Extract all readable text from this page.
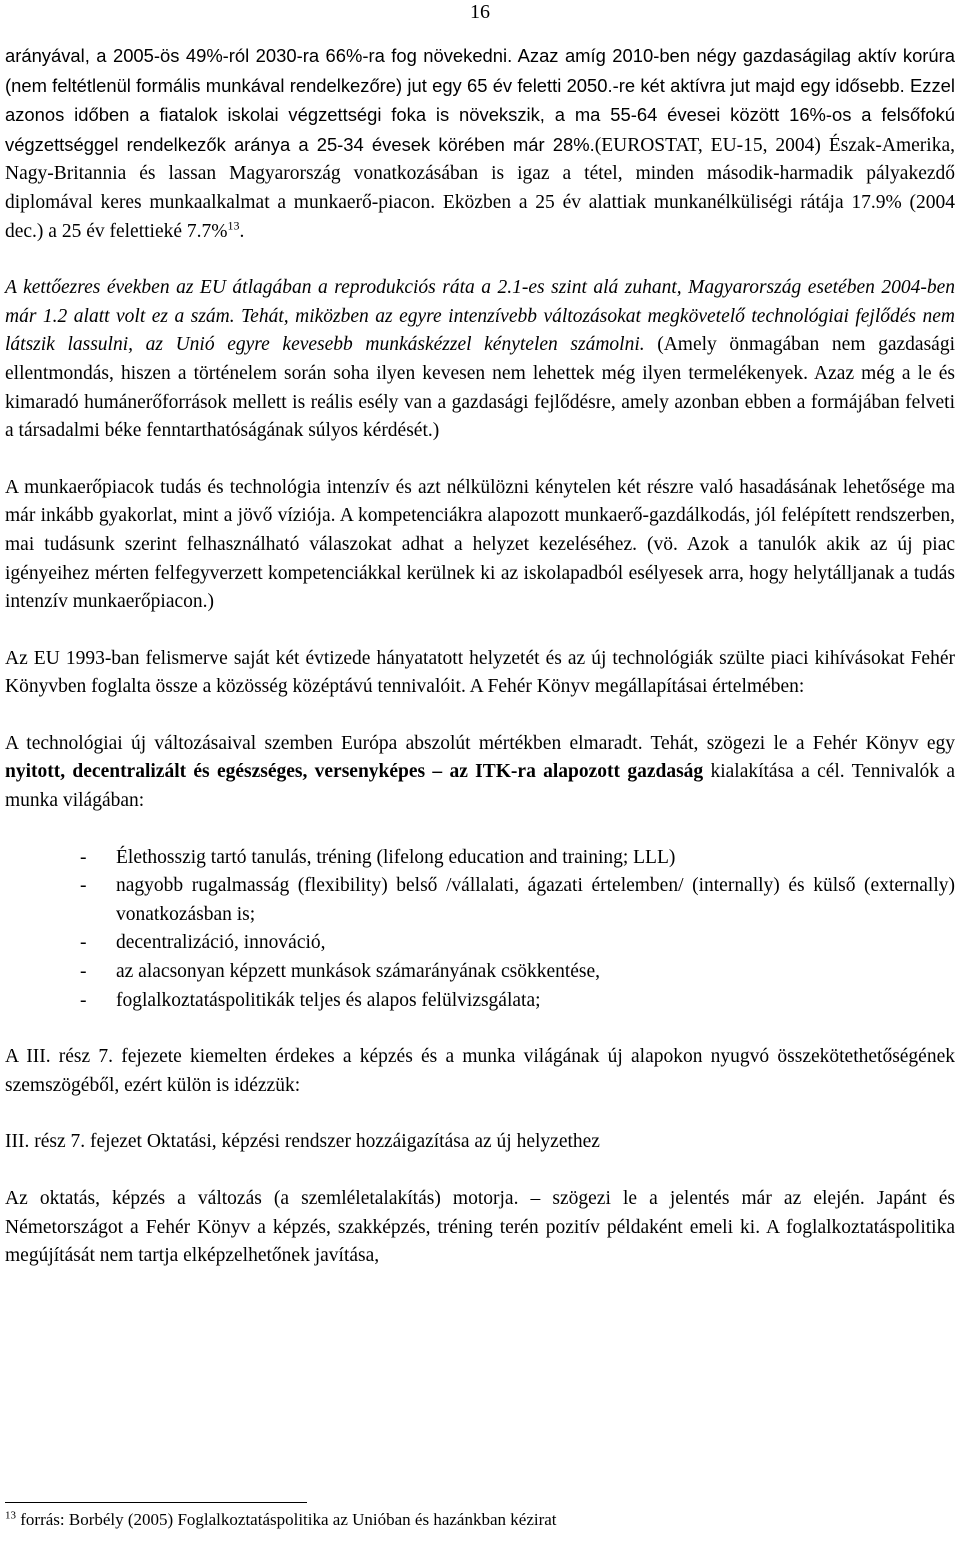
16

arányával, a 2005-ös 49%-ról 2030-ra 66%-ra fog növekedni. Azaz amíg 2010-ben négy gazdaságilag aktív korúra (nem feltétlenül formális munkával rendelkezőre) jut egy 65 év feletti 2050.-re két aktívra jut majd egy idősebb. Ezzel azonos időben a fiatalok iskolai végzettségi foka is növekszik, a ma 55-64 évesei között 16%-os a felsőfokú végzettséggel rendelkezők aránya a 25-34 évesek körében már 28%.(EUROSTAT, EU-15, 2004) Észak-Amerika, Nagy-Britannia és lassan Magyarország vonatkozásában is igaz a tétel, minden második-harmadik pályakezdő diplomával keres munkaalkalmat a munkaerő-piacon. Eközben a 25 év alattiak munkanélküliségi rátája 17.9% (2004 dec.) a 25 év felettieké 7.7%$^{13}$.

A kettőezres években az EU átlagában a reprodukciós ráta a 2.1-es szint alá zuhant, Magyarország esetében 2004-ben már 1.2 alatt volt ez a szám. Tehát, miközben az egyre intenzívebb változásokat megkövetelő technológiai fejlődés nem látszik lassulni, az Unió egyre kevesebb munkáskézzel kénytelen számolni. (Amely önmagában nem gazdasági ellentmondás, hiszen a történelem során soha ilyen kevesen nem lehettek még ilyen termelékenyek. Azaz még a le és kimaradó humánerőforrások mellett is reális esély van a gazdasági fejlődésre, amely azonban ebben a formájában felveti a társadalmi béke fenntarthatóságának súlyos kérdését.)

A munkaerőpiacok tudás és technológia intenzív és azt nélkülözni kénytelen két részre való hasadásának lehetősége ma már inkább gyakorlat, mint a jövő víziója. A kompetenciákra alapozott munkaerő-gazdálkodás, jól felépített rendszerben, mai tudásunk szerint felhasználható válaszokat adhat a helyzet kezeléséhez. (vö. Azok a tanulók akik az új piac igényeihez mérten felfegyverzett kompetenciákkal kerülnek ki az iskolapadból esélyesek arra, hogy helytálljanak a tudás intenzív munkaerőpiacon.)

Az EU 1993-ban felismerve saját két évtizede hányatatott helyzetét és az új technológiák szülte piaci kihívásokat Fehér Könyvben foglalta össze a közösség középtávú tennivalóit. A Fehér Könyv megállapításai értelmében:

A technológiai új változásaival szemben Európa abszolút mértékben elmaradt. Tehát, szögezi le a Fehér Könyv egy nyitott, decentralizált és egészséges, versenyképes – az ITK-ra alapozott gazdaság kialakítása a cél. Tennivalók a munka világában:

- Élethosszig tartó tanulás, tréning (lifelong education and training; LLL)
- nagyobb rugalmasság (flexibility) belső /vállalati, ágazati értelemben/ (internally) és külső (externally) vonatkozásban is;
- decentralizáció, innováció,
- az alacsonyan képzett munkások számarányának csökkentése,
- foglalkoztatáspolitikák teljes és alapos felülvizsgálata;

A III. rész 7. fejezete kiemelten érdekes a képzés és a munka világának új alapokon nyugvó összekötethetőségének szemszögéből, ezért külön is idézzük:

III. rész 7. fejezet Oktatási, képzési rendszer hozzáigazítása az új helyzethez

Az oktatás, képzés a változás (a szemléletalakítás) motorja. – szögezi le a jelentés már az elején. Japánt és Németországot a Fehér Könyv a képzés, szakképzés, tréning terén pozitív példaként emeli ki. A foglalkoztatáspolitika megújítását nem tartja elképzelhetőnek javítása,

$^{13}$ forrás: Borbély (2005) Foglalkoztatáspolitika az Unióban és hazánkban kézirat
